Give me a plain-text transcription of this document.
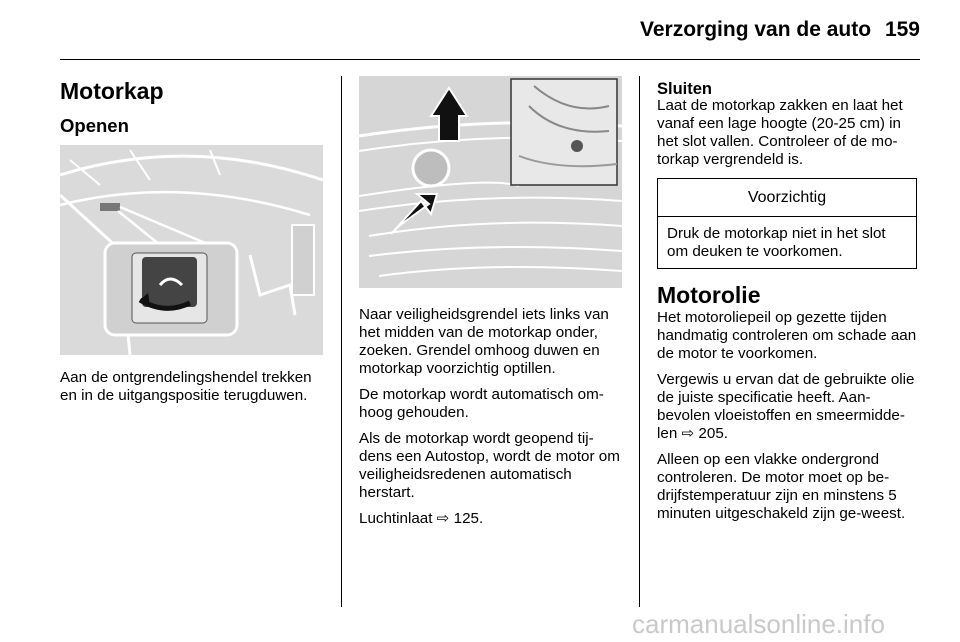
Verzorging van de auto 159
Motorkap
Openen
Aan de ontgrendelingshendel trekken en in de uitgangspositie terugduwen.

Naar veiligheidsgrendel iets links van het midden van de motorkap onder, zoeken. Grendel omhoog duwen en motorkap voorzichtig optillen.

De motorkap wordt automatisch om-hoog gehouden.

Als de motorkap wordt geopend tij-dens een Autostop, wordt de motor om veiligheidsredenen automatisch herstart.

Luchtinlaat ⇨ 125.

Sluiten
Laat de motorkap zakken en laat het vanaf een lage hoogte (20-25 cm) in het slot vallen. Controleer of de mo-torkap vergrendeld is.
Voorzichtig
Druk de motorkap niet in het slot om deuken te voorkomen.
Motorolie

Het motoroliepeil op gezette tijden handmatig controleren om schade aan de motor te voorkomen.

Vergewis u ervan dat de gebruikte olie de juiste specificatie heeft. Aan-bevolen vloeistoffen en smeermidde-len ⇨ 205.

Alleen op een vlakke ondergrond controleren. De motor moet op be-drijfstemperatuur zijn en minstens 5 minuten uitgeschakeld zijn ge-weest.

carmanualsonline.info
